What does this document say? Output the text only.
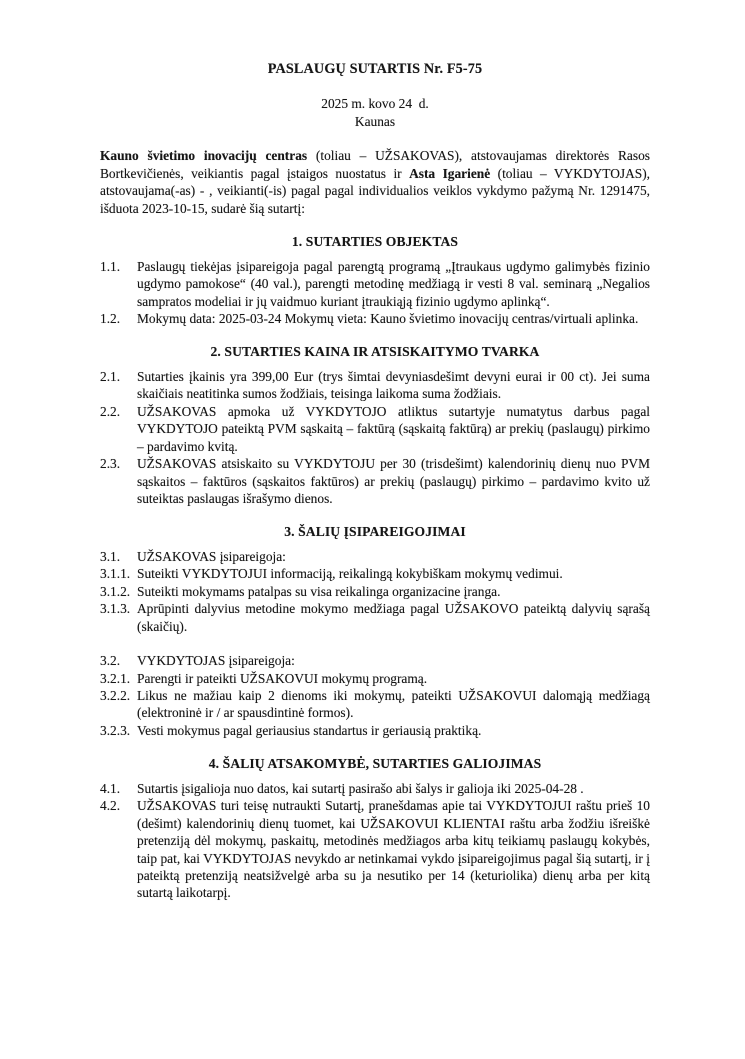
PASLAUGŲ SUTARTIS Nr. F5-75
2025 m. kovo 24  d.
Kaunas

Kauno švietimo inovacijų centras (toliau – UŽSAKOVAS), atstovaujamas direktorės Rasos Bortkevičienės, veikiantis pagal įstaigos nuostatus ir Asta Igarienė (toliau – VYKDYTOJAS), atstovaujama(-as) - , veikianti(-is) pagal pagal individualios veiklos vykdymo pažymą Nr. 1291475, išduota 2023-10-15, sudarė šią sutartį:

1. SUTARTIES OBJEKTAS
1.1. Paslaugų tiekėjas įsipareigoja pagal parengtą programą „Įtraukaus ugdymo galimybės fizinio ugdymo pamokose“ (40 val.), parengti metodinę medžiagą ir vesti 8 val. seminarą „Negalios sampratos modeliai ir jų vaidmuo kuriant įtraukiąją fizinio ugdymo aplinką“.
1.2. Mokymų data: 2025-03-24 Mokymų vieta: Kauno švietimo inovacijų centras/virtuali aplinka.
2. SUTARTIES KAINA IR ATSISKAITYMO TVARKA
2.1. Sutarties įkainis yra 399,00 Eur (trys šimtai devyniasdešimt devyni eurai ir 00 ct). Jei suma skaičiais neatitinka sumos žodžiais, teisinga laikoma suma žodžiais.
2.2. UŽSAKOVAS apmoka už VYKDYTOJO atliktus sutartyje numatytus darbus pagal VYKDYTOJO pateiktą PVM sąskaitą – faktūrą (sąskaitą faktūrą) ar prekių (paslaugų) pirkimo – pardavimo kvitą.
2.3. UŽSAKOVAS atsiskaito su VYKDYTOJU per 30 (trisdešimt) kalendorinių dienų nuo PVM sąskaitos – faktūros (sąskaitos faktūros) ar prekių (paslaugų) pirkimo – pardavimo kvito už suteiktas paslaugas išrašymo dienos.
3. ŠALIŲ ĮSIPAREIGOJIMAI
3.1. UŽSAKOVAS įsipareigoja:
3.1.1. Suteikti VYKDYTOJUI informaciją, reikalingą kokybiškam mokymų vedimui.
3.1.2. Suteikti mokymams patalpas su visa reikalinga organizacine įranga.
3.1.3. Aprūpinti dalyvius metodine mokymo medžiaga pagal UŽSAKOVO pateiktą dalyvių sąrašą (skaičių).
3.2. VYKDYTOJAS įsipareigoja:
3.2.1. Parengti ir pateikti UŽSAKOVUI mokymų programą.
3.2.2. Likus ne mažiau kaip 2 dienoms iki mokymų, pateikti UŽSAKOVUI dalomąją medžiagą (elektroninė ir / ar spausdintinė formos).
3.2.3. Vesti mokymus pagal geriausius standartus ir geriausią praktiką.
4. ŠALIŲ ATSAKOMYBĖ, SUTARTIES GALIOJIMAS
4.1. Sutartis įsigalioja nuo datos, kai sutartį pasirašo abi šalys ir galioja iki 2025-04-28 .
4.2. UŽSAKOVAS turi teisę nutraukti Sutartį, pranešdamas apie tai VYKDYTOJUI raštu prieš 10 (dešimt) kalendorinių dienų tuomet, kai UŽSAKOVUI KLIENTAI raštu arba žodžiu išreiškė pretenziją dėl mokymų, paskaitų, metodinės medžiagos arba kitų teikiamų paslaugų kokybės, taip pat, kai VYKDYTOJAS nevykdo ar netinkamai vykdo įsipareigojimus pagal šią sutartį, ir į pateiktą pretenziją neatsižvelgė arba su ja nesutiko per 14 (keturiolika) dienų arba per kitą sutartą laikotarpį.
